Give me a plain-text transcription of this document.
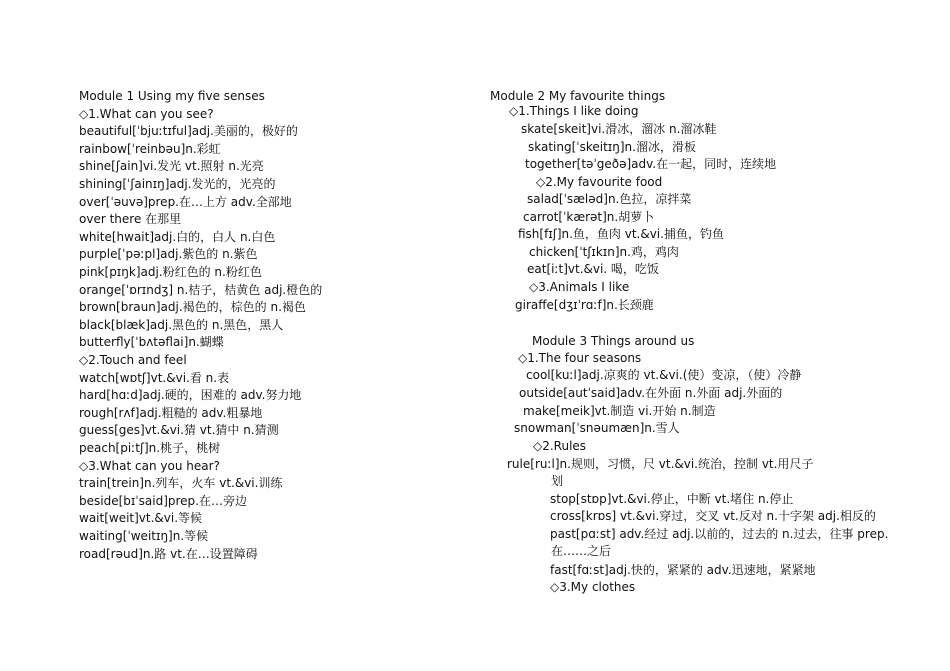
Module 1 Using my five senses
◇1.What can you see?
beautiful[ˈbjuːtɪful]adj.美丽的，极好的
rainbow[ˈreinbəu]n.彩虹
shine[ʃain]vi.发光 vt.照射 n.光亮
shining[ˈʃainɪŋ]adj.发光的，光亮的
over[ˈəuvə]prep.在…上方 adv.全部地
over there 在那里
white[hwait]adj.白的，白人 n.白色
purple[ˈpəːpl]adj.紫色的 n.紫色
pink[pɪŋk]adj.粉红色的 n.粉红色
orange[ˈɒrɪndʒ] n.桔子，桔黄色 adj.橙色的
brown[braun]adj.褐色的，棕色的 n.褐色
black[blæk]adj.黑色的 n.黑色，黑人
butterfly[ˈbʌtəflai]n.蝴蝶
◇2.Touch and feel
watch[wɒtʃ]vt.&vi.看 n.表
hard[hɑːd]adj.硬的，困难的 adv.努力地
rough[rʌf]adj.粗糙的 adv.粗暴地
guess[ges]vt.&vi.猜 vt.猜中 n.猜测
peach[piːtʃ]n.桃子，桃树
◇3.What can you hear?
train[trein]n.列车，火车 vt.&vi.训练
beside[bɪˈsaid]prep.在…旁边
wait[weit]vt.&vi.等候
waiting[ˈweitɪŋ]n.等候
road[rəud]n.路 vt.在…设置障碍
Module 2 My favourite things
◇1.Things I like doing
skate[skeit]vi.滑冰，溜冰 n.溜冰鞋
skating[ˈskeitɪŋ]n.溜冰，滑板
together[təˈgeðə]adv.在一起，同时，连续地
◇2.My favourite food
salad[ˈsæləd]n.色拉，凉拌菜
carrot[ˈkærət]n.胡萝卜
fish[fɪʃ]n.鱼，鱼肉 vt.&vi.捕鱼，钓鱼
chicken[ˈtʃɪkɪn]n.鸡，鸡肉
eat[iːt]vt.&vi. 喝，吃饭
◇3.Animals I like
giraffe[dʒɪˈrɑːf]n.长颈鹿
Module 3 Things around us
◇1.The four seasons
cool[kuːl]adj.凉爽的 vt.&vi.(使）变凉，（使）冷静
outside[autˈsaid]adv.在外面 n.外面 adj.外面的
make[meik]vt.制造 vi.开始 n.制造
snowman[ˈsnəumæn]n.雪人
◇2.Rules
rule[ruːl]n.规则，习惯，尺 vt.&vi.统治，控制 vt.用尺子
划
stop[stɒp]vt.&vi.停止，中断 vt.堵住 n.停止
cross[krɒs] vt.&vi.穿过，交叉 vt.反对 n.十字架 adj.相反的
past[pɑːst] adv.经过 adj.以前的，过去的 n.过去，往事 prep.
在……之后
fast[fɑːst]adj.快的，紧紧的 adv.迅速地，紧紧地
◇3.My clothes
